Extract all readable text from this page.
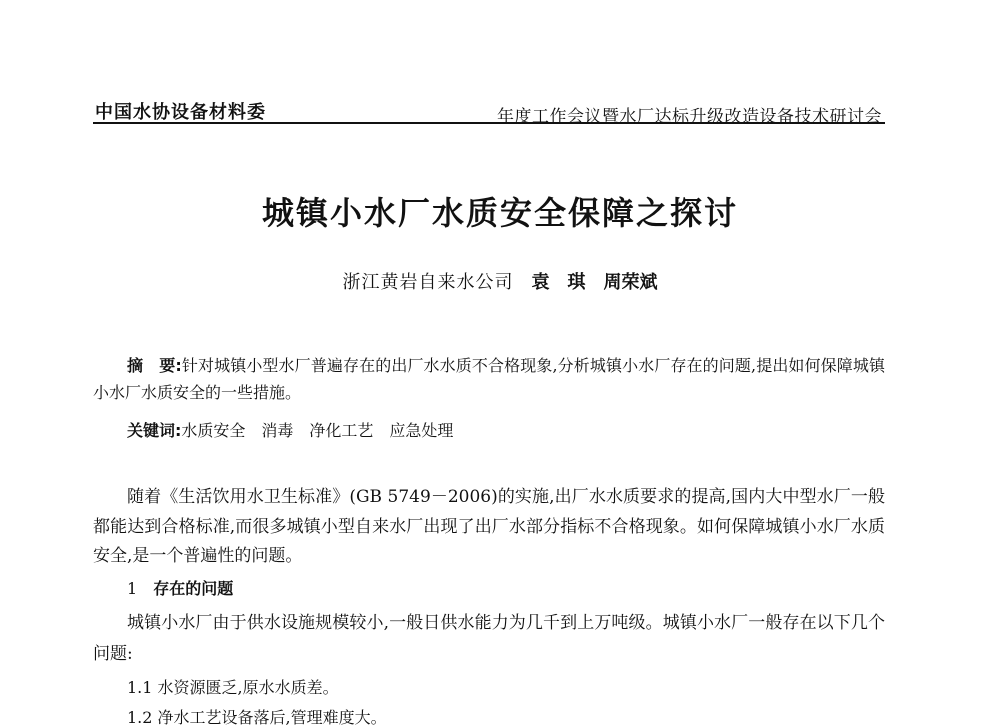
中国水协设备材料委	年度工作会议暨水厂达标升级改造设备技术研讨会
城镇小水厂水质安全保障之探讨
浙江黄岩自来水公司 袁　琪　周荣斌
摘　要:针对城镇小型水厂普遍存在的出厂水水质不合格现象,分析城镇小水厂存在的问题,提出如何保障城镇小水厂水质安全的一些措施。
关键词:水质安全　消毒　净化工艺　应急处理
随着《生活饮用水卫生标准》(GB 5749－2006)的实施,出厂水水质要求的提高,国内大中型水厂一般都能达到合格标准,而很多城镇小型自来水厂出现了出厂水部分指标不合格现象。如何保障城镇小水厂水质安全,是一个普遍性的问题。
1 存在的问题
城镇小水厂由于供水设施规模较小,一般日供水能力为几千到上万吨级。城镇小水厂一般存在以下几个问题:
1.1 水资源匮乏,原水水质差。
1.2 净水工艺设备落后,管理难度大。
